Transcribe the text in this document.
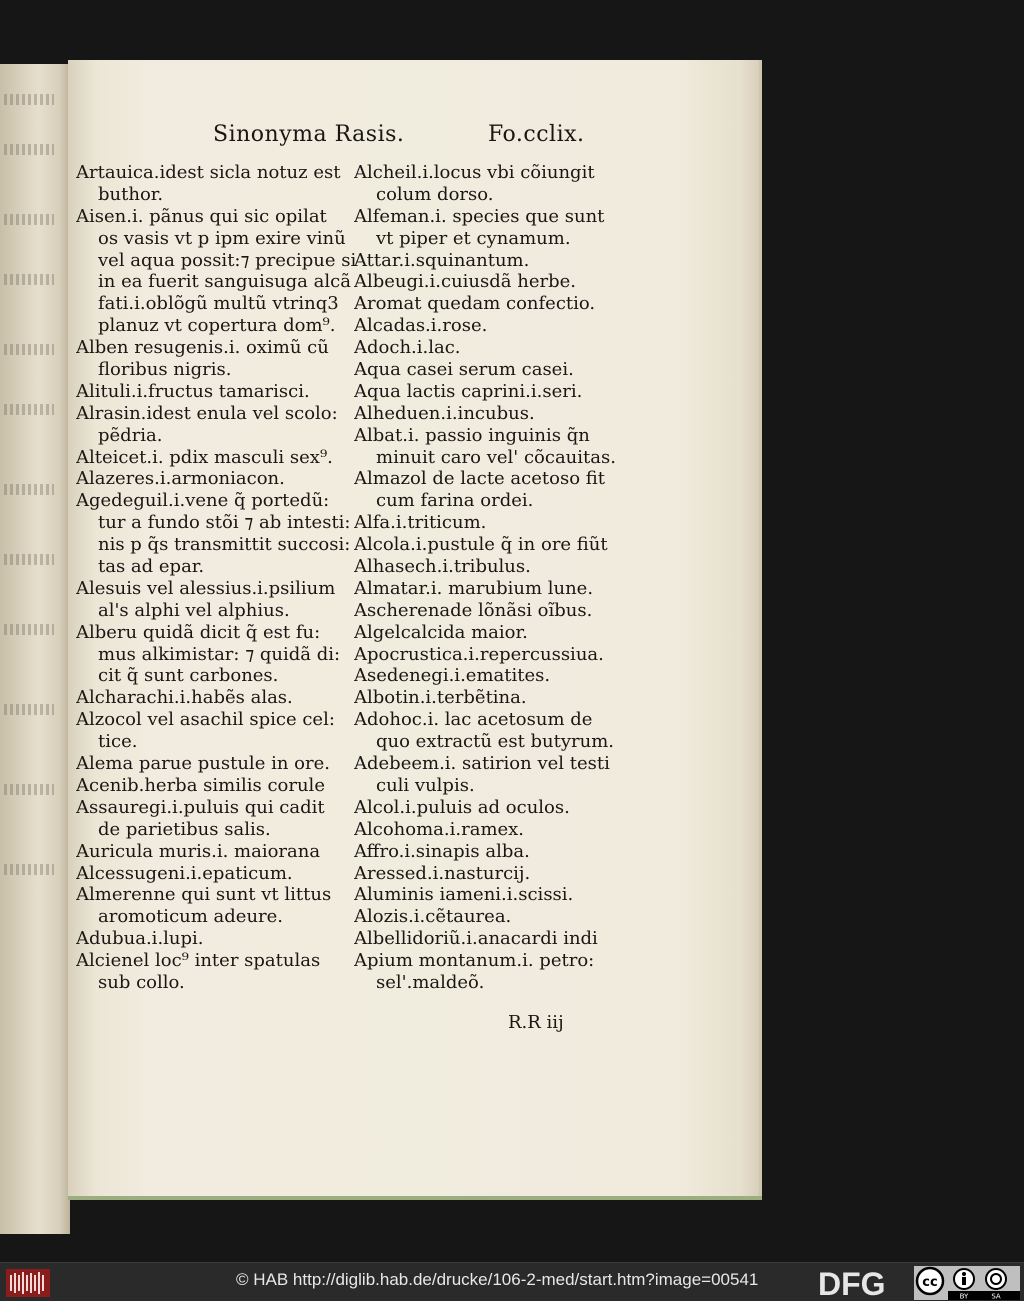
Sinonyma Rasis.	Fo.cclix.
Artauica.idest sicla notuz est
buthor.
Aisen.i. pãnus qui sic opilat
os vasis vt p ipm exire vinũ
vel aqua possit:⁊ precipue si
in ea fuerit sanguisuga alcã
fati.i.oblõgũ multũ vtrinq3
planuz vt copertura dom⁹.
Alben resugenis.i. oximũ cũ
floribus nigris.
Alituli.i.fructus tamarisci.
Alrasin.idest enula vel scolo:
pẽdria.
Alteicet.i. pdix masculi sex⁹.
Alazeres.i.armoniacon.
Agedeguil.i.vene q̃ portedũ:
tur a fundo stõi ⁊ ab intesti:
nis p q̃s transmittit succosi:
tas ad epar.
Alesuis vel alessius.i.psilium
al's alphi vel alphius.
Alberu quidã dicit q̃ est fu:
mus alkimistar: ⁊ quidã di:
cit q̃ sunt carbones.
Alcharachi.i.habẽs alas.
Alzocol vel asachil spice cel:
tice.
Alema parue pustule in ore.
Acenib.herba similis corule
Assauregi.i.puluis qui cadit
de parietibus salis.
Auricula muris.i. maiorana
Alcessugeni.i.epaticum.
Almerenne qui sunt vt littus
aromoticum adeure.
Adubua.i.lupi.
Alcienel loc⁹ inter spatulas
sub collo.
Alcheil.i.locus vbi cõiungit
colum dorso.
Alfeman.i. species que sunt
vt piper et cynamum.
Attar.i.squinantum.
Albeugi.i.cuiusdã herbe.
Aromat quedam confectio.
Alcadas.i.rose.
Adoch.i.lac.
Aqua casei serum casei.
Aqua lactis caprini.i.seri.
Alheduen.i.incubus.
Albat.i. passio inguinis q̃n
minuit caro vel' cõcauitas.
Almazol de lacte acetoso fit
cum farina ordei.
Alfa.i.triticum.
Alcola.i.pustule q̃ in ore fiũt
Alhasech.i.tribulus.
Almatar.i. marubium lune.
Ascherenade lõnãsi oĩbus.
Algelcalcida maior.
Apocrustica.i.repercussiua.
Asedenegi.i.ematites.
Albotin.i.terbẽtina.
Adohoc.i. lac acetosum de
quo extractũ est butyrum.
Adebeem.i. satirion vel testi
culi vulpis.
Alcol.i.puluis ad oculos.
Alcohoma.i.ramex.
Affro.i.sinapis alba.
Aressed.i.nasturcij.
Aluminis iameni.i.scissi.
Alozis.i.cẽtaurea.
Albellidoriũ.i.anacardi indi
Apium montanum.i. petro:
sel'.maldeõ.
R.R iij
© HAB http://diglib.hab.de/drucke/106-2-med/start.htm?image=00541 DFG	cc
BY	SA
